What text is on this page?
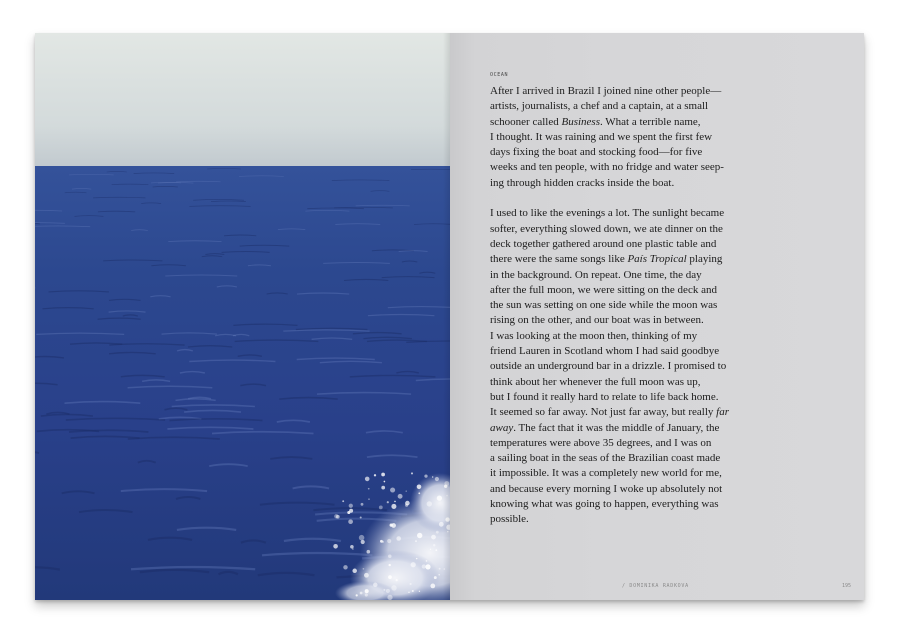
OCEAN

After I arrived in Brazil I joined nine other people—

artists, journalists, a chef and a captain, at a small

schooner called Business. What a terrible name,

I thought. It was raining and we spent the first few

days fixing the boat and stocking food—for five

weeks and ten people, with no fridge and water seep-

ing through hidden cracks inside the boat.

I used to like the evenings a lot. The sunlight became

softer, everything slowed down, we ate dinner on the

deck together gathered around one plastic table and

there were the same songs like País Tropical playing

in the background. On repeat. One time, the day

after the full moon, we were sitting on the deck and

the sun was setting on one side while the moon was

rising on the other, and our boat was in between.

I was looking at the moon then, thinking of my

friend Lauren in Scotland whom I had said goodbye

outside an underground bar in a drizzle. I promised to

think about her whenever the full moon was up,

but I found it really hard to relate to life back home.

It seemed so far away. Not just far away, but really far

away. The fact that it was the middle of January, the

temperatures were above 35 degrees, and I was on

a sailing boat in the seas of the Brazilian coast made

it impossible. It was a completely new world for me,

and because every morning I woke up absolutely not

knowing what was going to happen, everything was

possible.

/ DOMINIKA RADKOVA	195
